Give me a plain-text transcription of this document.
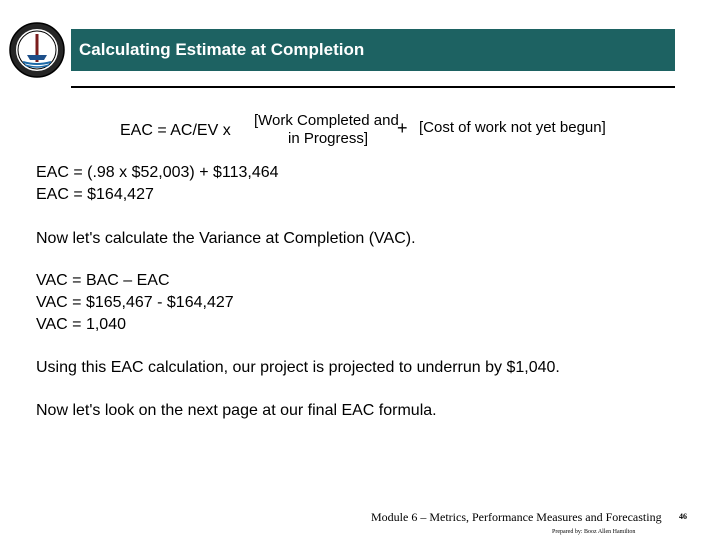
Calculating Estimate at Completion
EAC = AC/EV x
[Work Completed and
in Progress]
+ [Cost of work not yet begun]
EAC = (.98 x $52,003) + $113,464
EAC = $164,427
Now let's calculate the Variance at Completion (VAC).
VAC = BAC – EAC
VAC = $165,467 - $164,427
VAC = 1,040
Using this EAC calculation, our project is projected to underrun by $1,040.
Now let's look on the next page at our final EAC formula.
Module 6 – Metrics, Performance Measures and Forecasting
Prepared by: Booz Allen Hamilton
46
